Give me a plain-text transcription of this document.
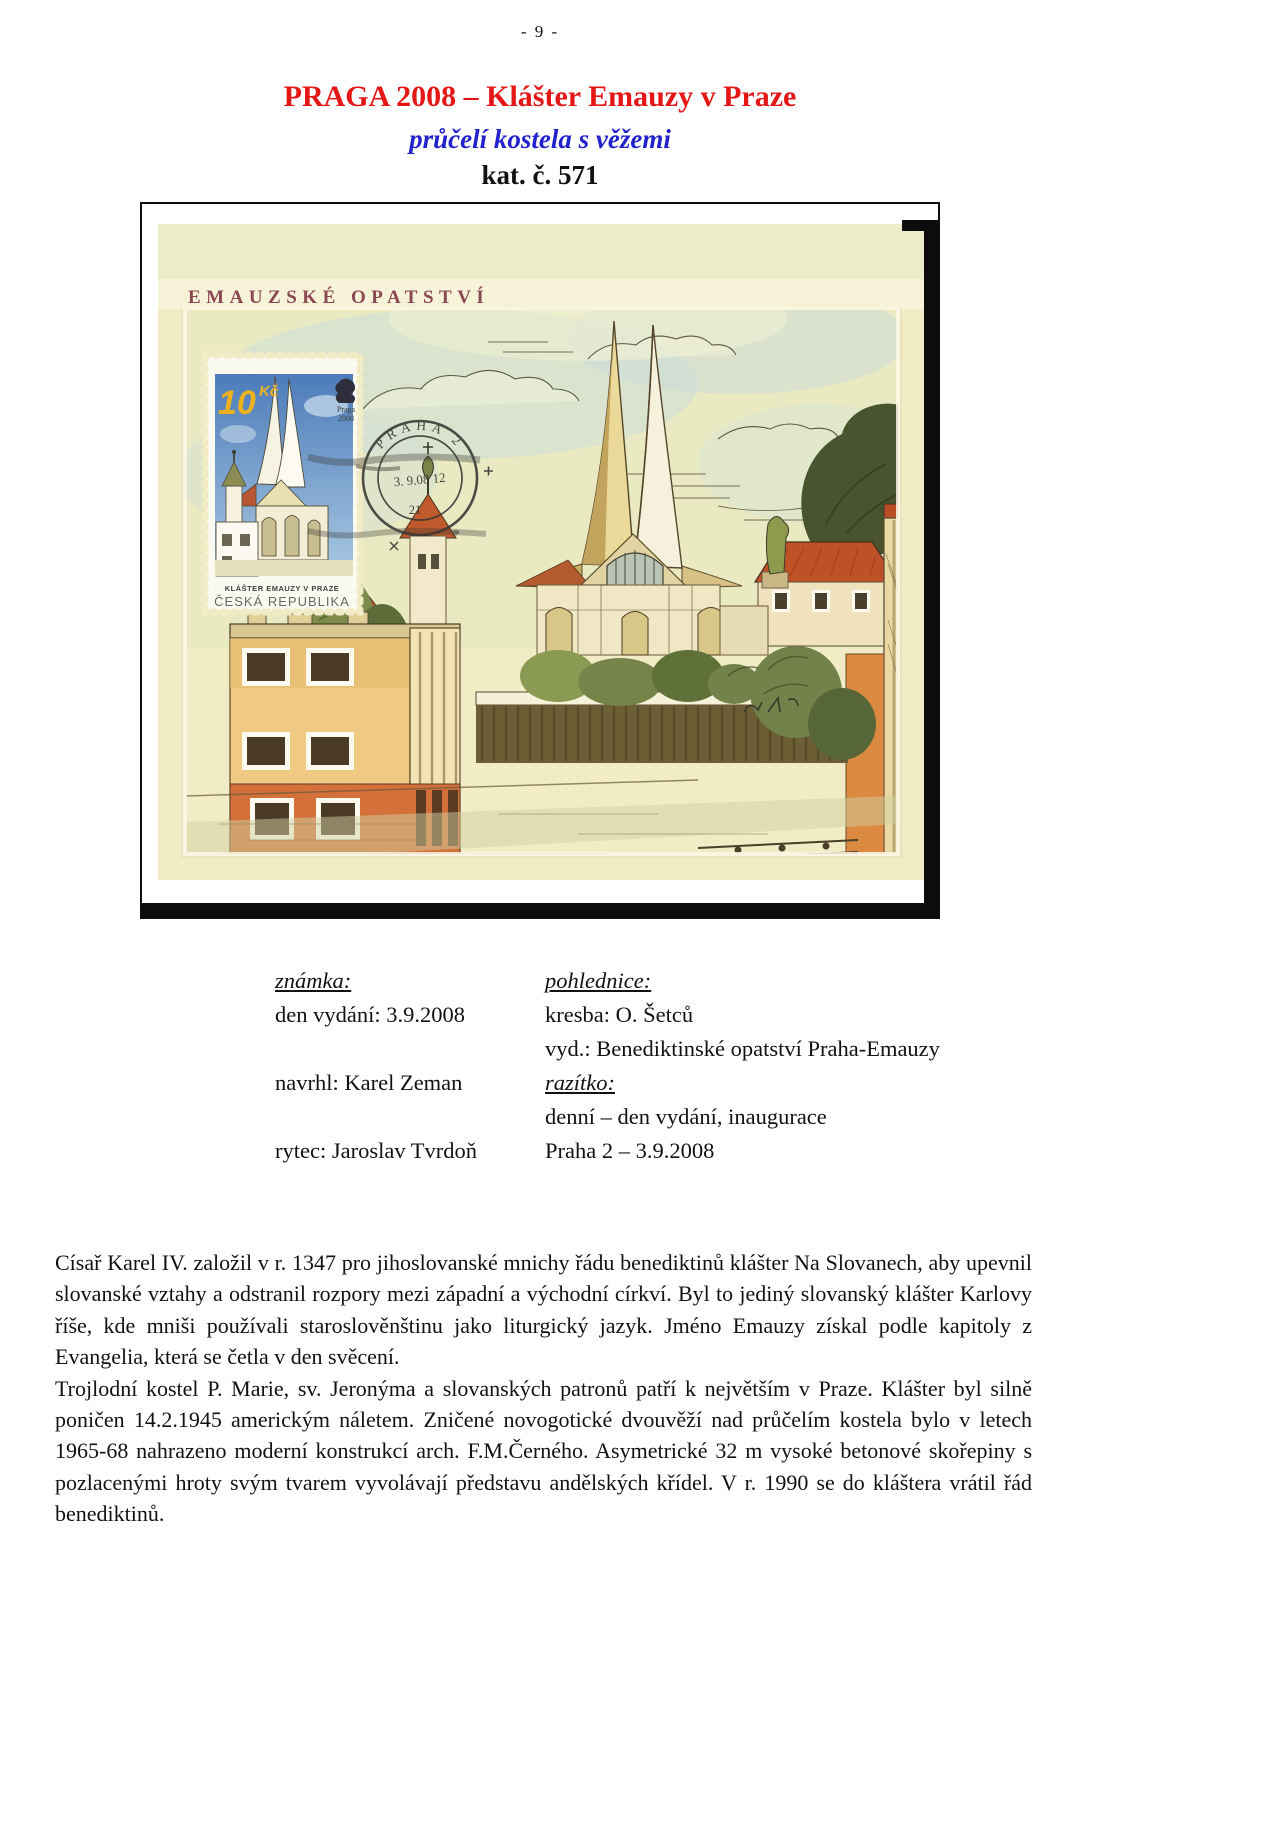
- 9 -
PRAGA 2008 – Klášter Emauzy v Praze
průčelí kostela s věžemi
kat. č. 571
EMAUZSKÉ OPATSTVÍ
10 Kč
Praga
2008
KLÁŠTER EMAUZY V PRAZE
ČESKÁ REPUBLIKA
PRAHA 2
3. 9.08 12
21
*
známka:	pohlednice:
den vydání: 3.9.2008	kresba: O. Šetců
vyd.: Benediktinské opatství Praha-Emauzy
navrhl: Karel Zeman	razítko:
denní – den vydání, inaugurace
rytec: Jaroslav Tvrdoň	Praha 2 – 3.9.2008

Císař Karel IV. založil v r. 1347 pro jihoslovanské mnichy řádu benediktinů klášter Na Slovanech, aby upevnil slovanské vztahy a odstranil rozpory mezi západní a východní církví. Byl to jediný slovanský klášter Karlovy říše, kde mniši používali staroslověnštinu jako liturgický jazyk. Jméno Emauzy získal podle kapitoly z Evangelia, která se četla v den svěcení.

Trojlodní kostel P. Marie, sv. Jeronýma a slovanských patronů patří k největším v Praze. Klášter byl silně poničen 14.2.1945 americkým náletem. Zničené novogotické dvouvěží nad průčelím kostela bylo v letech 1965-68 nahrazeno moderní konstrukcí arch. F.M.Černého. Asymetrické 32 m vysoké betonové skořepiny s pozlacenými hroty svým tvarem vyvolávají představu andělských křídel. V r. 1990 se do kláštera vrátil řád benediktinů.
